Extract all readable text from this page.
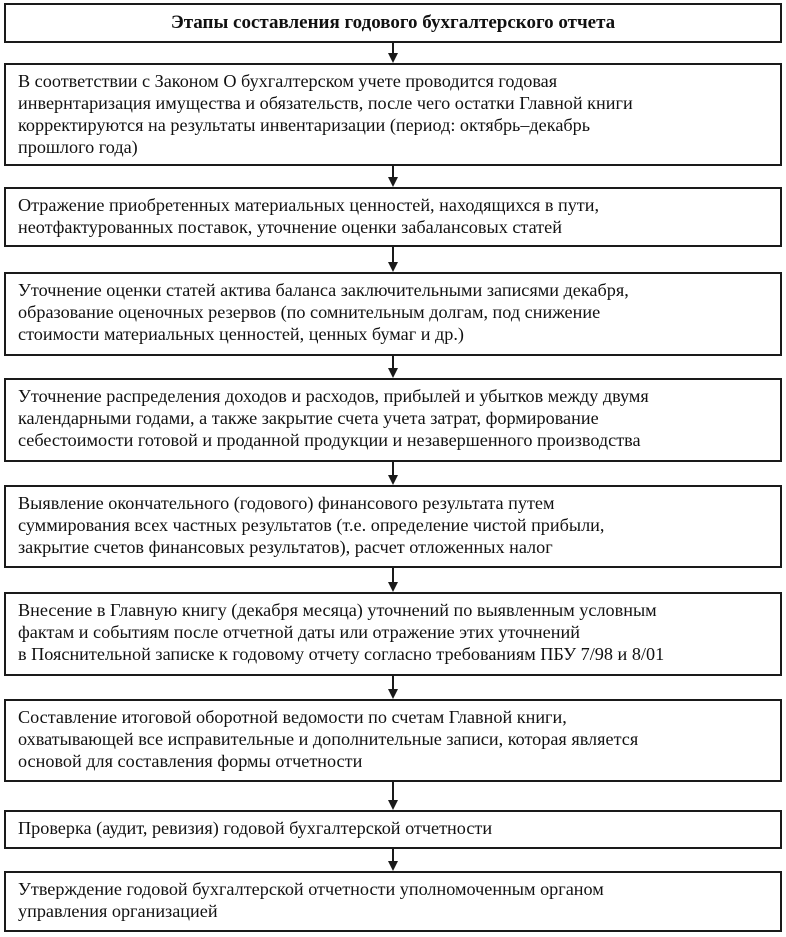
Этапы составления годового бухгалтерского отчета
В соответствии с Законом О бухгалтерском учете проводится годовая
инвернтаризация имущества и обязательств, после чего остатки Главной книги
корректируются на результаты инвентаризации (период: октябрь–декабрь
прошлого года)
Отражение приобретенных материальных ценностей, находящихся в пути,
неотфактурованных поставок, уточнение оценки забалансовых статей
Уточнение оценки статей актива баланса заключительными записями декабря,
образование оценочных резервов (по сомнительным долгам, под снижение
стоимости материальных ценностей, ценных бумаг и др.)
Уточнение распределения доходов и расходов, прибылей и убытков между двумя
календарными годами, а также закрытие счета учета затрат, формирование
себестоимости готовой и проданной продукции и незавершенного производства
Выявление окончательного (годового) финансового результата путем
суммирования всех частных результатов (т.е. определение чистой прибыли,
закрытие счетов финансовых результатов), расчет отложенных налог
Внесение в Главную книгу (декабря месяца) уточнений по выявленным условным
фактам и событиям после отчетной даты или отражение этих уточнений
в Пояснительной записке к годовому отчету согласно требованиям ПБУ 7/98 и 8/01
Составление итоговой оборотной ведомости по счетам Главной книги,
охватывающей все исправительные и дополнительные записи, которая является
основой для составления формы отчетности
Проверка (аудит, ревизия) годовой бухгалтерской отчетности
Утверждение годовой бухгалтерской отчетности уполномоченным органом
управления организацией
